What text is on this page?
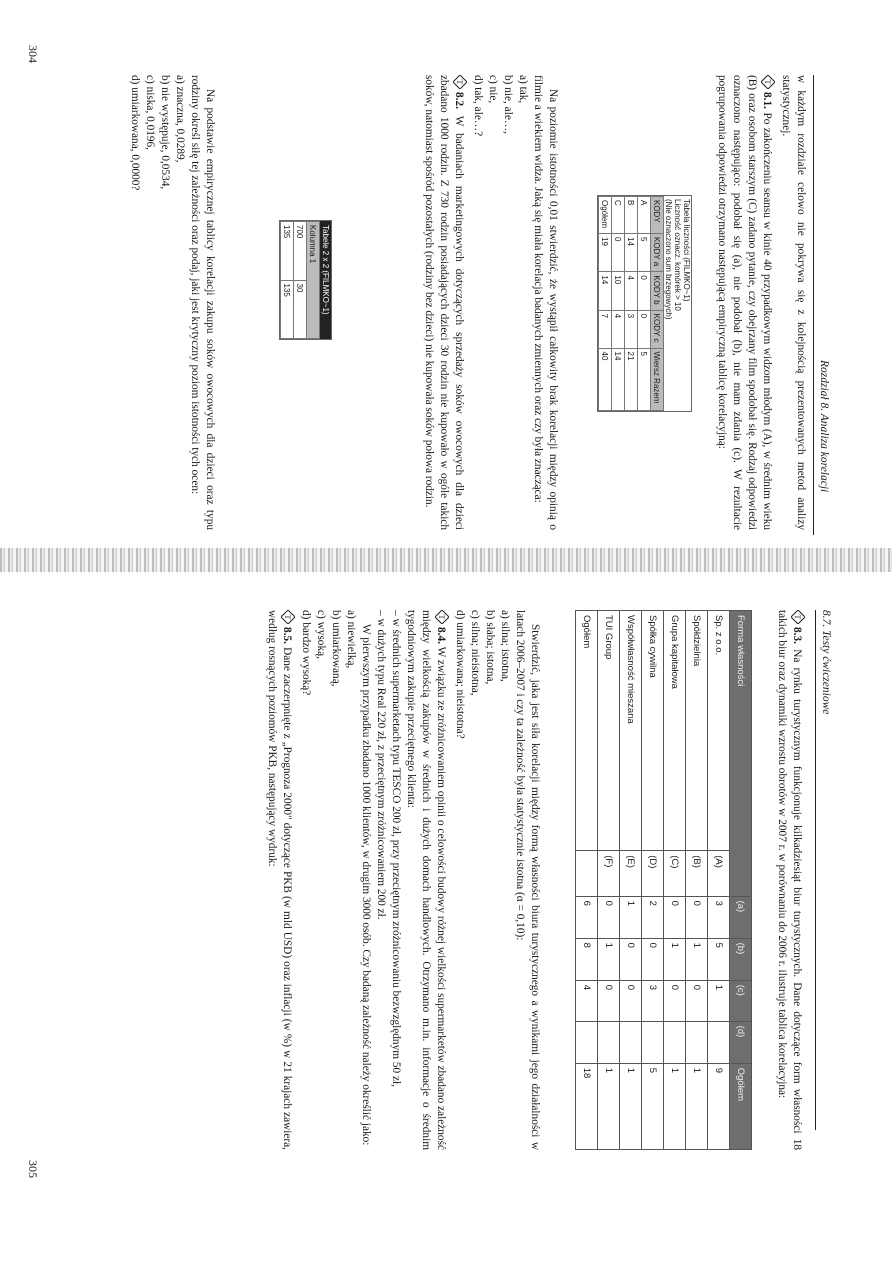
Rozdział 8. Analiza korelacji

w każdym rozdziale celowo nie pokrywa się z kolejnością prezentowanych metod analizy statystycznej.

T
8.1. Po zakończeniu seansu w kinie 40 przypadkowym widzom młodym (A), w średnim wieku (B) oraz osobom starszym (C) zadano pytanie, czy obejrzany film spodobał się. Rodzaj odpowiedzi oznaczono następująco: podobał się (a), nie podobał (b), nie mam zdania (c). W rezultacie pogrupowania odpowiedzi otrzymano następującą empiryczną tablicę korelacyjną:

Tabela liczności (FILMKO~1)
Liczność oznacz. komórek > 10
(Nie oznaczono sum brzegowych)
KODY	KODY a	KODY b	KODY c	Wiersz Razem
A	5	0	0	5
B	14	4	3	21
C	0	10	4	14
Ogółem	19	14	7	40

Na poziomie istotności 0,01 stwierdzić, że wystąpił całkowity brak korelacji między opinią o filmie a wiekiem widza. Jaką się miała korelacja badanych zmiennych oraz czy była znacząca:

a) tak,

b) nie, ale…,

c) nie,

d) tak, ale…?

T
8.2. W badaniach marketingowych dotyczących sprzedaży soków owocowych dla dzieci zbadano 1000 rodzin. Z 730 rodzin posiadających dzieci 30 rodzin nie kupowało w ogóle takich soków, natomiast spośród pozostałych (rodziny bez dzieci) nie kupowała soków połowa rodzin.

Tabele 2 x 2 (FILMKO~1)
Kolumna 1	
700	30
135	135

Na podstawie empirycznej tablicy korelacji zakupu soków owocowych dla dzieci oraz typu rodziny określ siłę tej zależności oraz podaj, jaki jest krytyczny poziom istotności tych ocen:

a) znaczna, 0,0289,

b) nie występuje, 0,0534,

c) niska, 0,0196,

d) umiarkowana, 0,0000?

304
8.7. Testy ćwiczeniowe

T
8.3. Na rynku turystycznym funkcjonuje kilkadziesiąt biur turystycznych. Dane dotyczące form własności 18 takich biur oraz dynamiki wzrostu obrotów w 2007 r. w porównaniu do 2006 r. ilustruje tablica korelacyjna:

Forma własności		(a)	(b)	(c)	(d)	Ogółem
Sp. z o.o.	(A)	3	5	1		9
Spółdzielnia	(B)	0	1	0		1
Grupa kapitałowa	(C)	0	1	0		1
Spółka cywilna	(D)	2	0	3		5
Współwłasność mieszana	(E)	1	0	0		1
TUI Group	(F)	0	1	0		1
Ogółem		6	8	4		18

Stwierdzić, jaka jest siła korelacji między formą własności biura turystycznego a wynikami jego działalności w latach 2006–2007 i czy ta zależność była statystycznie istotna (α = 0,10):

a) silna; istotna,

b) słaba; istotna,

c) silna; nieistotna,

d) umiarkowana; nieistotna?

T
8.4. W związku ze zróżnicowaniem opinii o celowości budowy różnej wielkości supermarketów zbadano zależność między wielkością zakupów w średnich i dużych domach handlowych. Otrzymano m.in. informacje o średnim tygodniowym zakupie przeciętnego klienta:

– w średnich supermarketach typu TESCO 200 zł, przy przeciętnym zróżnicowaniu bezwzględnym 50 zł,

– w dużych typu Real 220 zł, z przeciętnym zróżnicowaniem 200 zł.

W pierwszym przypadku zbadano 1000 klientów, w drugim 3000 osób. Czy badaną zależność należy określić jako:

a) niewielką,

b) umiarkowaną,

c) wysoką,

d) bardzo wysoką?

T
8.5. Dane zaczerpnięte z „Prognoza 2000" dotyczące PKB (w mld USD) oraz inflacji (w %) w 21 krajach zawiera, według rosnących poziomów PKB, następujący wydruk:

305
